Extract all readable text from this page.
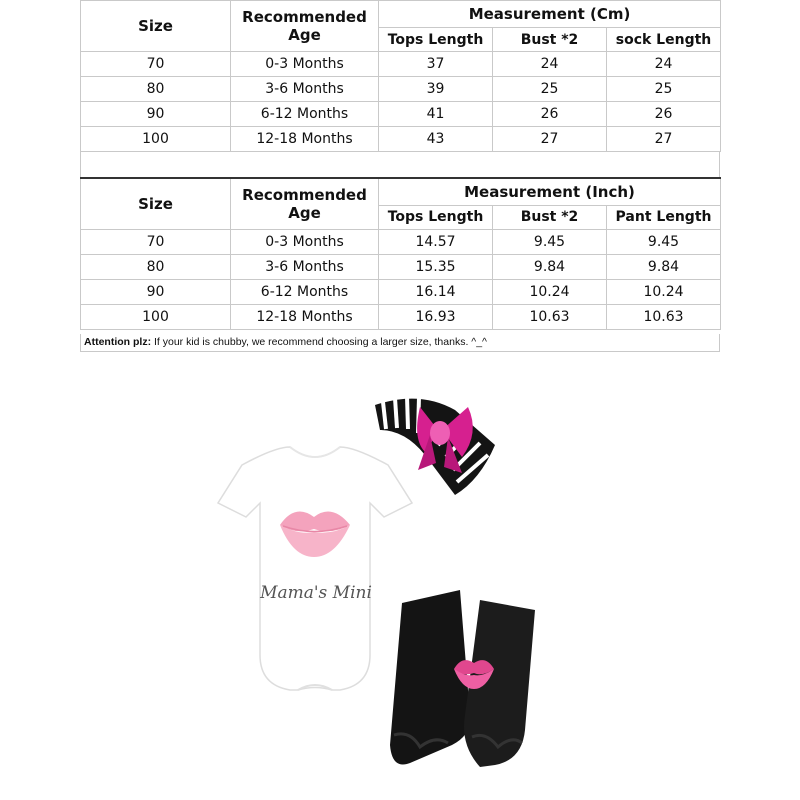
Size	Recommended Age	Measurement (Cm)		
		Tops Length	Bust *2	sock Length
70	0-3 Months	37	24	24
80	3-6 Months	39	25	25
90	6-12 Months	41	26	26
100	12-18 Months	43	27	27
Size	Recommended Age	Measurement (Inch)		
		Tops Length	Bust *2	Pant Length
70	0-3 Months	14.57	9.45	9.45
80	3-6 Months	15.35	9.84	9.84
90	6-12 Months	16.14	10.24	10.24
100	12-18 Months	16.93	10.63	10.63
Attention plz: If your kid is chubby, we recommend choosing a larger size, thanks. ^_^
Mama's Mini
